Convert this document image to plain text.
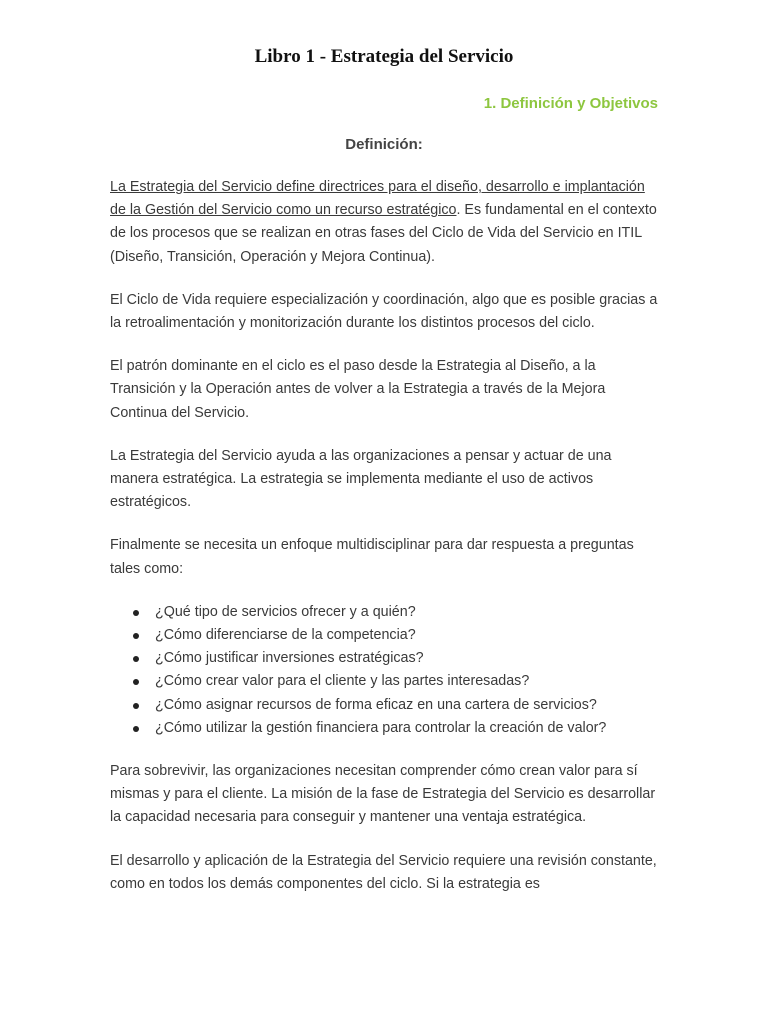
Libro 1 - Estrategia del Servicio
1. Definición y Objetivos
Definición:

La Estrategia del Servicio define directrices para el diseño, desarrollo e implantación de la Gestión del Servicio como un recurso estratégico. Es fundamental en el contexto de los procesos que se realizan en otras fases del Ciclo de Vida del Servicio en ITIL (Diseño, Transición, Operación y Mejora Continua).

El Ciclo de Vida requiere especialización y coordinación, algo que es posible gracias a la retroalimentación y monitorización durante los distintos procesos del ciclo.

El patrón dominante en el ciclo es el paso desde la Estrategia al Diseño, a la Transición y la Operación antes de volver a la Estrategia a través de la Mejora Continua del Servicio.

La Estrategia del Servicio ayuda a las organizaciones a pensar y actuar de una manera estratégica. La estrategia se implementa mediante el uso de activos estratégicos.

Finalmente se necesita un enfoque multidisciplinar para dar respuesta a preguntas tales como:

¿Qué tipo de servicios ofrecer y a quién?
¿Cómo diferenciarse de la competencia?
¿Cómo justificar inversiones estratégicas?
¿Cómo crear valor para el cliente y las partes interesadas?
¿Cómo asignar recursos de forma eficaz en una cartera de servicios?
¿Cómo utilizar la gestión financiera para controlar la creación de valor?

Para sobrevivir, las organizaciones necesitan comprender cómo crean valor para sí mismas y para el cliente. La misión de la fase de Estrategia del Servicio es desarrollar la capacidad necesaria para conseguir y mantener una ventaja estratégica.

El desarrollo y aplicación de la Estrategia del Servicio requiere una revisión constante, como en todos los demás componentes del ciclo. Si la estrategia es
